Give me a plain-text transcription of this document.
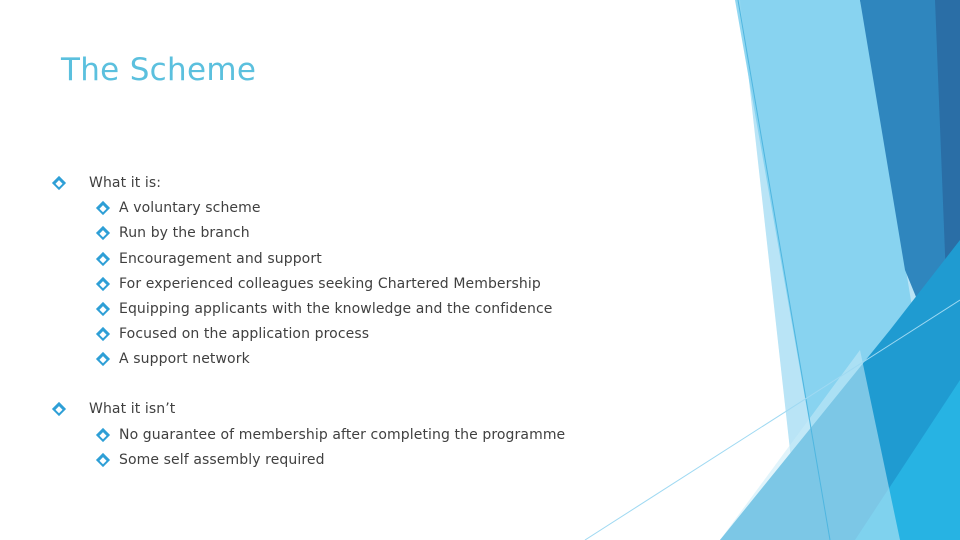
The Scheme
What it is:
A voluntary scheme
Run by the branch
Encouragement and support
For experienced colleagues seeking Chartered Membership
Equipping applicants with the knowledge and the confidence
Focused on the application process
A support network
What it isn’t
No guarantee of membership after completing the programme
Some self assembly required
